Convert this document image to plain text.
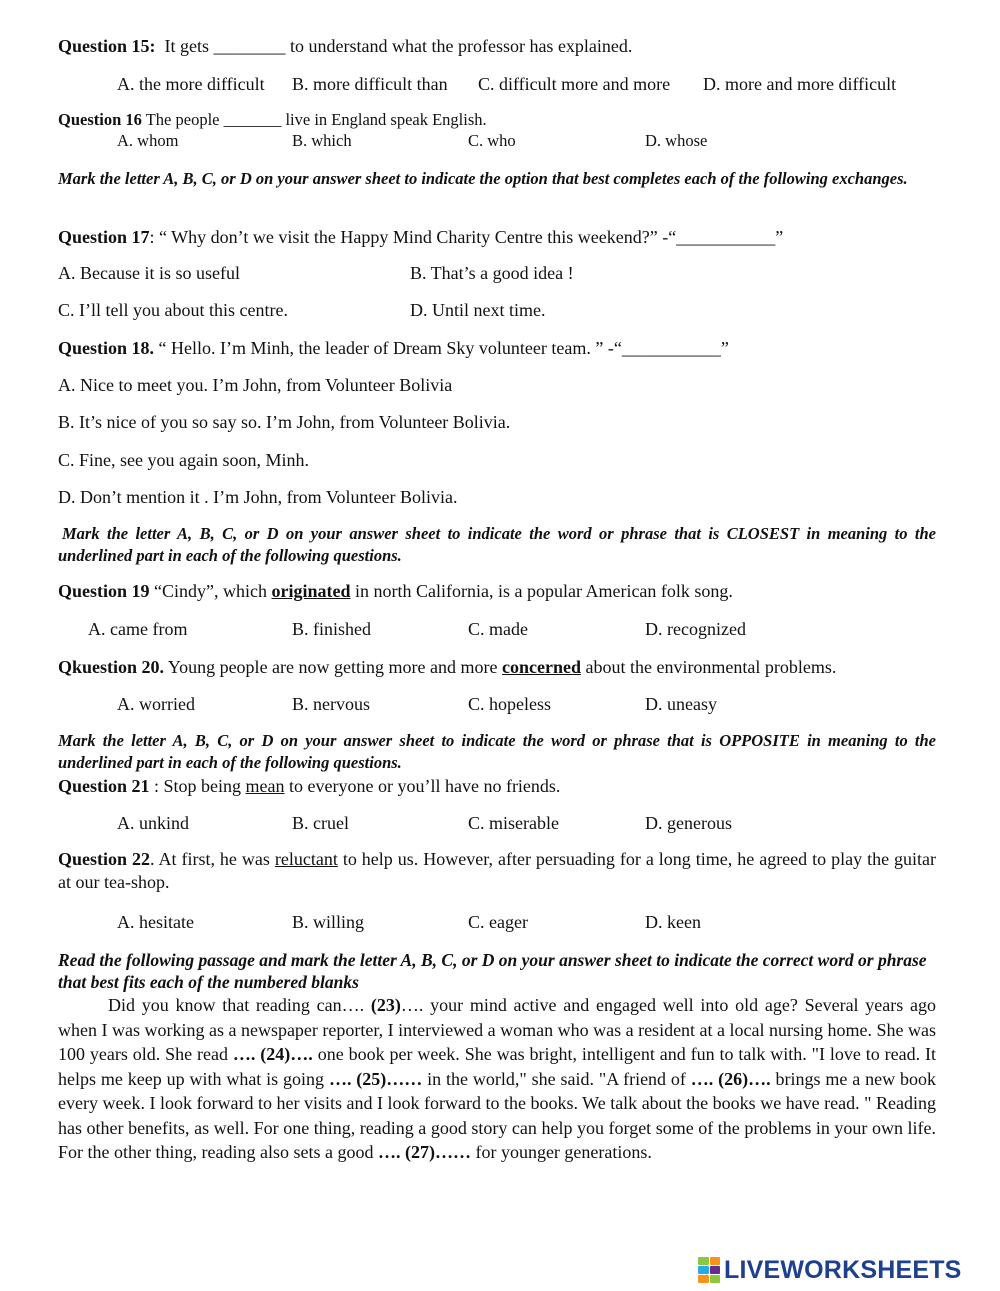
Question 15: It gets ________ to understand what the professor has explained.
A. the more difficult B. more difficult than C. difficult more and more D. more and more difficult
Question 16 The people _______ live in England speak English.
A. whom	B. which	C. who	D. whose
Mark the letter A, B, C, or D on your answer sheet to indicate the option that best completes each of the following exchanges.
Question 17: “ Why don’t we visit the Happy Mind Charity Centre this weekend?” -“___________”
A. Because it is so useful	B. That’s a good idea !
C. I’ll tell you about this centre.	D. Until next time.
Question 18. “ Hello. I’m Minh, the leader of Dream Sky volunteer team. ” -“___________”
A. Nice to meet you. I’m John, from Volunteer Bolivia
B. It’s nice of you so say so. I’m John, from Volunteer Bolivia.
C. Fine, see you again soon, Minh.
D. Don’t mention it . I’m John, from Volunteer Bolivia.
Mark the letter A, B, C, or D on your answer sheet to indicate the word or phrase that is CLOSEST in meaning to the underlined part in each of the following questions.
Question 19 “Cindy”, which originated in north California, is a popular American folk song.
A. came from	B. finished	C. made	D. recognized
Qkuestion 20. Young people are now getting more and more concerned about the environmental problems.
A. worried	B. nervous	C. hopeless	D. uneasy
Mark the letter A, B, C, or D on your answer sheet to indicate the word or phrase that is OPPOSITE in meaning to the underlined part in each of the following questions.
Question 21 : Stop being mean to everyone or you’ll have no friends.
A. unkind	B. cruel	C. miserable	D. generous
Question 22. At first, he was reluctant to help us. However, after persuading for a long time, he agreed to play the guitar at our tea-shop.
A. hesitate	B. willing	C. eager	D. keen
Read the following passage and mark the letter A, B, C, or D on your answer sheet to indicate the correct word or phrase that best fits each of the numbered blanks
Did you know that reading can…. (23)…. your mind active and engaged well into old age? Several years ago when I was working as a newspaper reporter, I interviewed a woman who was a resident at a local nursing home. She was 100 years old. She read …. (24)…. one book per week. She was bright, intelligent and fun to talk with. "I love to read. It helps me keep up with what is going …. (25)…… in the world," she said. "A friend of …. (26)…. brings me a new book every week. I look forward to her visits and I look forward to the books. We talk about the books we have read. " Reading has other benefits, as well. For one thing, reading a good story can help you forget some of the problems in your own life. For the other thing, reading also sets a good …. (27)…… for younger generations.
LIVEWORKSHEETS
